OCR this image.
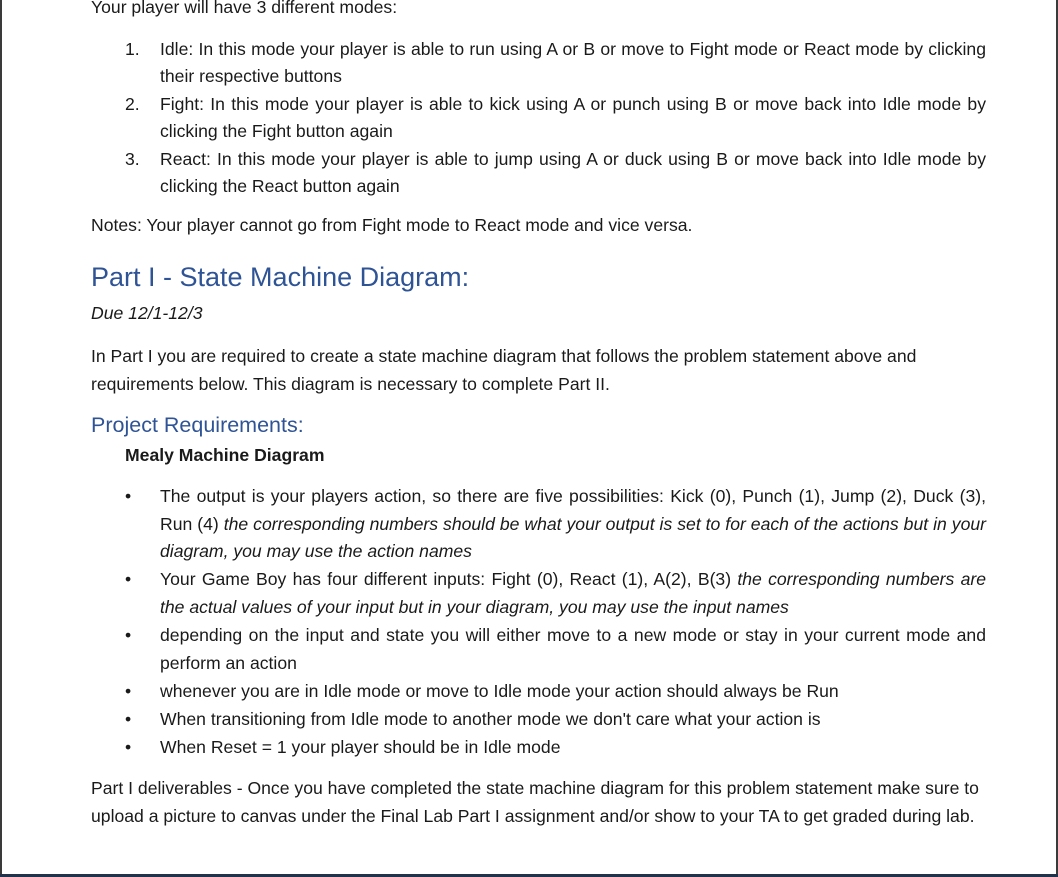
Your player will have 3 different modes:

1. Idle: In this mode your player is able to run using A or B or move to Fight mode or React mode by clicking their respective buttons
2. Fight: In this mode your player is able to kick using A or punch using B or move back into Idle mode by clicking the Fight button again
3. React: In this mode your player is able to jump using A or duck using B or move back into Idle mode by clicking the React button again

Notes: Your player cannot go from Fight mode to React mode and vice versa.

Part I - State Machine Diagram:

Due 12/1-12/3

In Part I you are required to create a state machine diagram that follows the problem statement above and requirements below. This diagram is necessary to complete Part II.

Project Requirements:

Mealy Machine Diagram

• The output is your players action, so there are five possibilities: Kick (0), Punch (1), Jump (2), Duck (3), Run (4) the corresponding numbers should be what your output is set to for each of the actions but in your diagram, you may use the action names
• Your Game Boy has four different inputs: Fight (0), React (1), A(2), B(3) the corresponding numbers are the actual values of your input but in your diagram, you may use the input names
• depending on the input and state you will either move to a new mode or stay in your current mode and perform an action
• whenever you are in Idle mode or move to Idle mode your action should always be Run
• When transitioning from Idle mode to another mode we don't care what your action is
• When Reset = 1 your player should be in Idle mode

Part I deliverables - Once you have completed the state machine diagram for this problem statement make sure to upload a picture to canvas under the Final Lab Part I assignment and/or show to your TA to get graded during lab.
